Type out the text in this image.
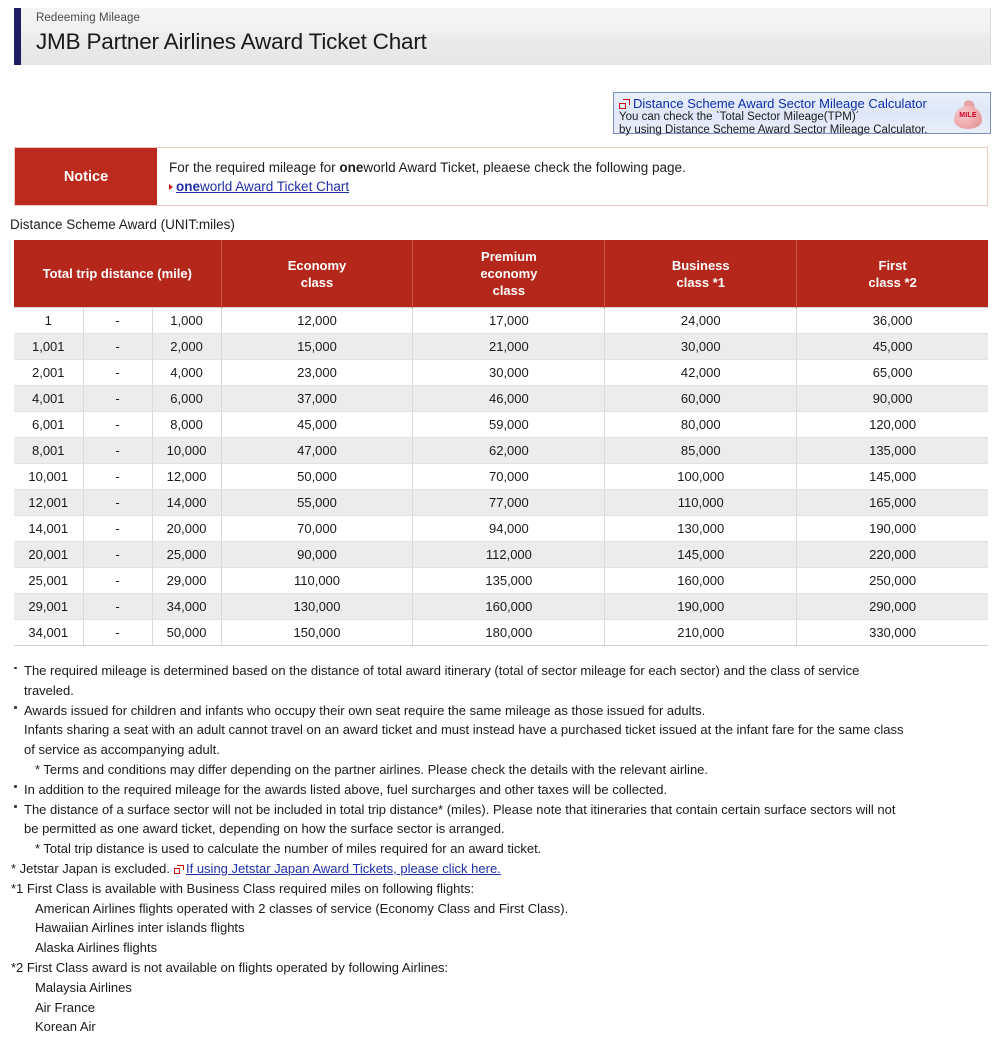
Redeeming Mileage
JMB Partner Airlines Award Ticket Chart
Distance Scheme Award Sector Mileage Calculator
You can check the `Total Sector Mileage(TPM)´
by using Distance Scheme Award Sector Mileage Calculator.
MILE
Notice
For the required mileage for oneworld Award Ticket, pleaese check the following page.
oneworld Award Ticket Chart
Distance Scheme Award (UNIT:miles)
Total trip distance (mile)			Economy
class	Premium
economy
class	Business
class *1	First
class *2
1	-	1,000	12,000	17,000	24,000	36,000
1,001	-	2,000	15,000	21,000	30,000	45,000
2,001	-	4,000	23,000	30,000	42,000	65,000
4,001	-	6,000	37,000	46,000	60,000	90,000
6,001	-	8,000	45,000	59,000	80,000	120,000
8,001	-	10,000	47,000	62,000	85,000	135,000
10,001	-	12,000	50,000	70,000	100,000	145,000
12,001	-	14,000	55,000	77,000	110,000	165,000
14,001	-	20,000	70,000	94,000	130,000	190,000
20,001	-	25,000	90,000	112,000	145,000	220,000
25,001	-	29,000	110,000	135,000	160,000	250,000
29,001	-	34,000	130,000	160,000	190,000	290,000
34,001	-	50,000	150,000	180,000	210,000	330,000
The required mileage is determined based on the distance of total award itinerary (total of sector mileage for each sector) and the class of service
traveled.
Awards issued for children and infants who occupy their own seat require the same mileage as those issued for adults.
Infants sharing a seat with an adult cannot travel on an award ticket and must instead have a purchased ticket issued at the infant fare for the same class
of service as accompanying adult.
* Terms and conditions may differ depending on the partner airlines. Please check the details with the relevant airline.
In addition to the required mileage for the awards listed above, fuel surcharges and other taxes will be collected.
The distance of a surface sector will not be included in total trip distance* (miles). Please note that itineraries that contain certain surface sectors will not
be permitted as one award ticket, depending on how the surface sector is arranged.
* Total trip distance is used to calculate the number of miles required for an award ticket.
* Jetstar Japan is excluded. If using Jetstar Japan Award Tickets, please click here.
*1 First Class is available with Business Class required miles on following flights:
American Airlines flights operated with 2 classes of service (Economy Class and First Class).
Hawaiian Airlines inter islands flights
Alaska Airlines flights
*2 First Class award is not available on flights operated by following Airlines:
Malaysia Airlines
Air France
Korean Air
